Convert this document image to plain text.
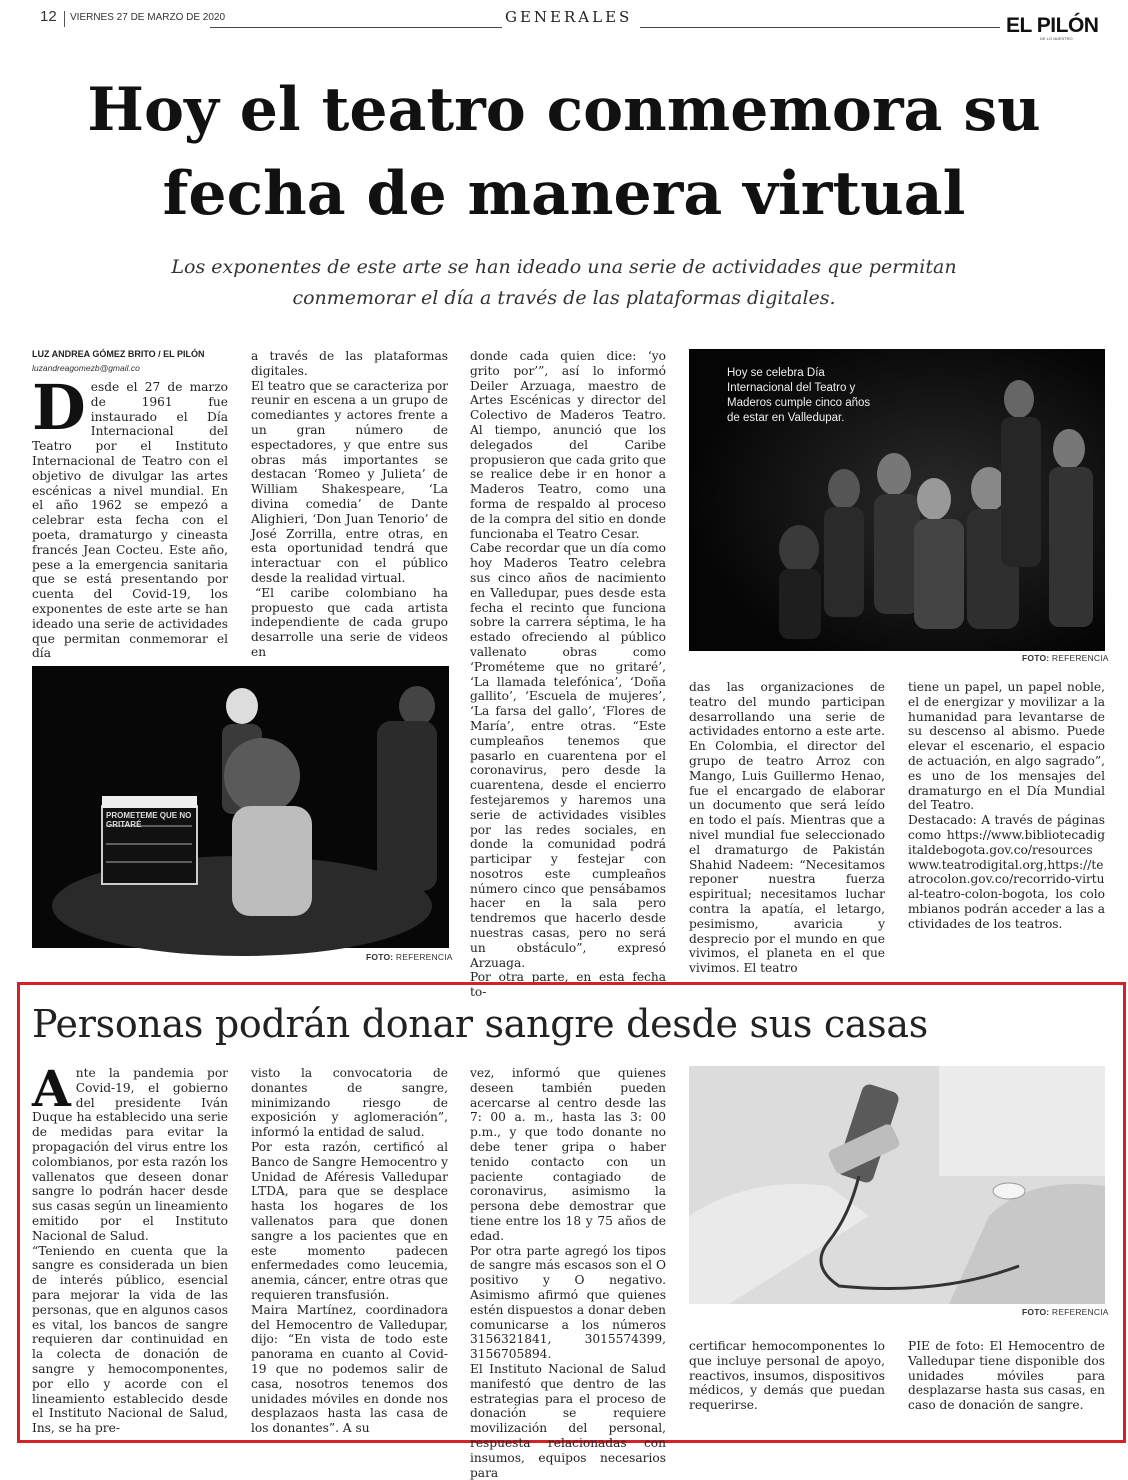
12 VIERNES 27 DE MARZO DE 2020	GENERALES	EL PILÓN
DE LO NUESTRO
Hoy el teatro conmemora su
fecha de manera virtual
Los exponentes de este arte se han ideado una serie de actividades que permitan
conmemorar el día a través de las plataformas digitales.
LUZ ANDREA GÓMEZ BRITO / EL PILÓN
luzandreagomezb@gmail.co
D esde el 27 de marzo de 1961 fue instaurado el Día Internacional del Teatro por el Instituto Internacional de Teatro con el objetivo de divulgar las artes escénicas a nivel mundial. En el año 1962 se empezó a celebrar esta fecha con el poeta, dramaturgo y cineasta francés Jean Cocteu. Este año, pese a la emergencia sanitaria que se está presentando por cuenta del Covid-19, los exponentes de este arte se han ideado una serie de actividades que permitan conmemorar el día

a través de las plataformas digitales.

El teatro que se caracteriza por reunir en escena a un grupo de comediantes y actores frente a un gran número de espectadores, y que entre sus obras más importantes se destacan ‘Romeo y Julieta’ de William Shakespeare, ‘La divina comedia’ de Dante Alighieri, ‘Don Juan Tenorio’ de José Zorrilla, entre otras, en esta oportunidad tendrá que interactuar con el público desde la realidad virtual.

“El caribe colombiano ha propuesto que cada artista independiente de cada grupo desarrolle una serie de videos en

Hoy se celebra Día
Internacional del Teatro y
Maderos cumple cinco años
de estar en Valledupar.
FOTO: REFERENCIA
PROMETEME QUE NO GRITARÉ
FOTO: REFERENCIA

donde cada quien dice: ‘yo grito por’”, así lo informó Deiler Arzuaga, maestro de Artes Escénicas y director del Colectivo de Maderos Teatro. Al tiempo, anunció que los delegados del Caribe propusieron que cada grito que se realice debe ir en honor a Maderos Teatro, como una forma de respaldo al proceso de la compra del sitio en donde funcionaba el Teatro Cesar.

Cabe recordar que un día como hoy Maderos Teatro celebra sus cinco años de nacimiento en Valledupar, pues desde esta fecha el recinto que funciona sobre la carrera séptima, le ha estado ofreciendo al público vallenato obras como ‘Prométeme que no gritaré’, ‘La llamada telefónica’, ‘Doña gallito’, ‘Escuela de mujeres’, ‘La farsa del gallo’, ‘Flores de María’, entre otras. “Este cumpleaños tenemos que pasarlo en cuarentena por el coronavirus, pero desde la cuarentena, desde el encierro festejaremos y haremos una serie de actividades visibles por las redes sociales, en donde la comunidad podrá participar y festejar con nosotros este cumpleaños número cinco que pensábamos hacer en la sala pero tendremos que hacerlo desde nuestras casas, pero no será un obstáculo”, expresó Arzuaga.

Por otra parte, en esta fecha to-

das las organizaciones de teatro del mundo participan desarrollando una serie de actividades entorno a este arte. En Colombia, el director del grupo de teatro Arroz con Mango, Luis Guillermo Henao, fue el encargado de elaborar un documento que será leído en todo el país. Mientras que a nivel mundial fue seleccionado el dramaturgo de Pakistán Shahid Nadeem: “Necesitamos reponer nuestra fuerza espiritual; necesitamos luchar contra la apatía, el letargo, pesimismo, avaricia y desprecio por el mundo en que vivimos, el planeta en el que vivimos. El teatro

tiene un papel, un papel noble, el de energizar y movilizar a la humanidad para levantarse de su descenso al abismo. Puede elevar el escenario, el espacio de actuación, en algo sagrado”, es uno de los mensajes del dramaturgo en el Día Mundial del Teatro.

Destacado: A través de páginas como https://www.bibliotecadigitaldebogota.gov.co/resources www.teatrodigital.org,https://teatrocolon.gov.co/recorrido-virtual-teatro-colon-bogota, los colombianos podrán acceder a las actividades de los teatros.

Personas podrán donar sangre desde sus casas
A nte la pandemia por Covid-19, el gobierno del presidente Iván Duque ha establecido una serie de medidas para evitar la propagación del virus entre los colombianos, por esta razón los vallenatos que deseen donar sangre lo podrán hacer desde sus casas según un lineamiento emitido por el Instituto Nacional de Salud.

“Teniendo en cuenta que la sangre es considerada un bien de interés público, esencial para mejorar la vida de las personas, que en algunos casos es vital, los bancos de sangre requieren dar continuidad en la colecta de donación de sangre y hemocomponentes, por ello y acorde con el lineamiento establecido desde el Instituto Nacional de Salud, Ins, se ha pre-

visto la convocatoria de donantes de sangre, minimizando riesgo de exposición y aglomeración”, informó la entidad de salud.

Por esta razón, certificó al Banco de Sangre Hemocentro y Unidad de Aféresis Valledupar LTDA, para que se desplace hasta los hogares de los vallenatos para que donen sangre a los pacientes que en este momento padecen enfermedades como leucemia, anemia, cáncer, entre otras que requieren transfusión.

Maira Martínez, coordinadora del Hemocentro de Valledupar, dijo: “En vista de todo este panorama en cuanto al Covid-19 que no podemos salir de casa, nosotros tenemos dos unidades móviles en donde nos desplazaos hasta las casa de los donantes”. A su

vez, informó que quienes deseen también pueden acercarse al centro desde las 7: 00 a. m., hasta las 3: 00 p.m., y que todo donante no debe tener gripa o haber tenido contacto con un paciente contagiado de coronavirus, asimismo la persona debe demostrar que tiene entre los 18 y 75 años de edad.

Por otra parte agregó los tipos de sangre más escasos son el O positivo y O negativo. Asimismo afirmó que quienes estén dispuestos a donar deben comunicarse a los números 3156321841, 3015574399, 3156705894.

El Instituto Nacional de Salud manifestó que dentro de las estrategias para el proceso de donación se requiere movilización del personal, respuesta relacionadas con insumos, equipos necesarios para

FOTO: REFERENCIA

certificar hemocomponentes lo que incluye personal de apoyo, reactivos, insumos, dispositivos médicos, y demás que puedan requerirse.

PIE de foto: El Hemocentro de Valledupar tiene disponible dos unidades móviles para desplazarse hasta sus casas, en caso de donación de sangre.
